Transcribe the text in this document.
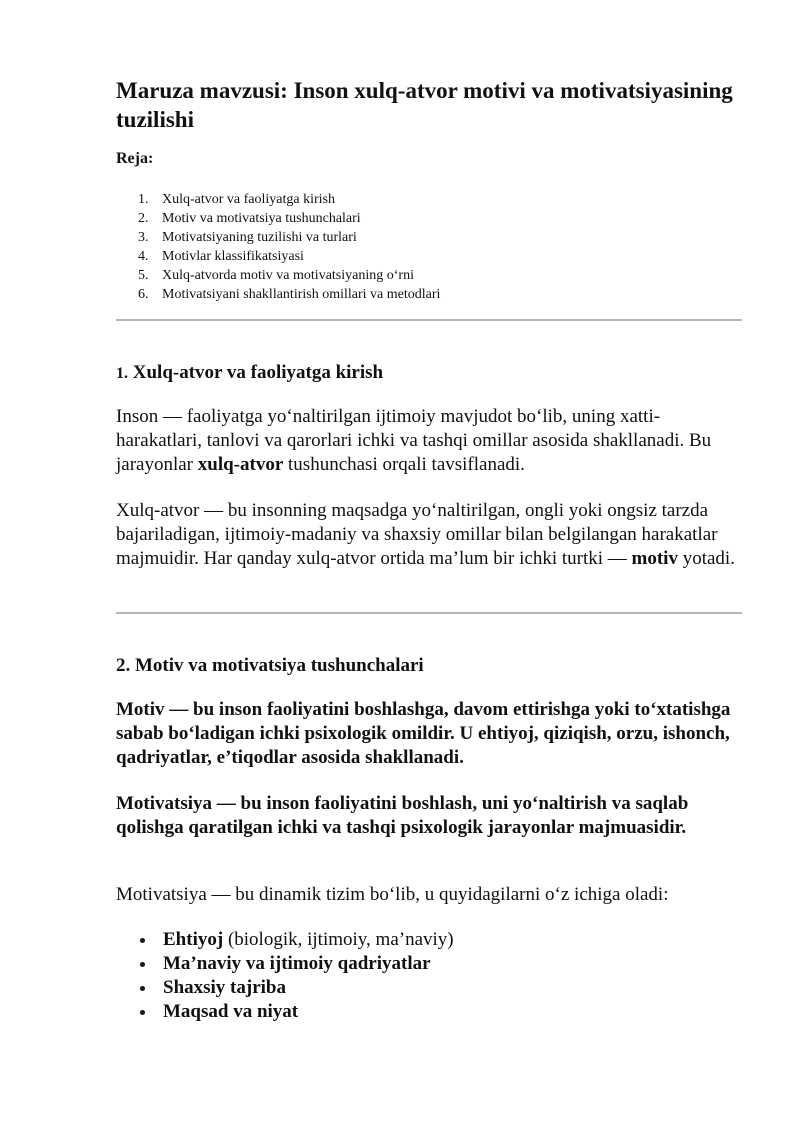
Maruza mavzusi: Inson xulq-atvor motivi va motivatsiyasining tuzilishi

Reja:

1. Xulq-atvor va faoliyatga kirish
2. Motiv va motivatsiya tushunchalari
3. Motivatsiyaning tuzilishi va turlari
4. Motivlar klassifikatsiyasi
5. Xulq-atvorda motiv va motivatsiyaning o‘rni
6. Motivatsiyani shakllantirish omillari va metodlari
1. Xulq-atvor va faoliyatga kirish

Inson — faoliyatga yo‘naltirilgan ijtimoiy mavjudot bo‘lib, uning xatti-harakatlari, tanlovi va qarorlari ichki va tashqi omillar asosida shakllanadi. Bu jarayonlar xulq-atvor tushunchasi orqali tavsiflanadi.

Xulq-atvor — bu insonning maqsadga yo‘naltirilgan, ongli yoki ongsiz tarzda bajariladigan, ijtimoiy-madaniy va shaxsiy omillar bilan belgilangan harakatlar majmuidir. Har qanday xulq-atvor ortida ma’lum bir ichki turtki — motiv yotadi.

2. Motiv va motivatsiya tushunchalari

Motiv — bu inson faoliyatini boshlashga, davom ettirishga yoki to‘xtatishga sabab bo‘ladigan ichki psixologik omildir. U ehtiyoj, qiziqish, orzu, ishonch, qadriyatlar, e’tiqodlar asosida shakllanadi.

Motivatsiya — bu inson faoliyatini boshlash, uni yo‘naltirish va saqlab qolishga qaratilgan ichki va tashqi psixologik jarayonlar majmuasidir.

Motivatsiya — bu dinamik tizim bo‘lib, u quyidagilarni o‘z ichiga oladi:

Ehtiyoj (biologik, ijtimoiy, ma’naviy)
Ma’naviy va ijtimoiy qadriyatlar
Shaxsiy tajriba
Maqsad va niyat
